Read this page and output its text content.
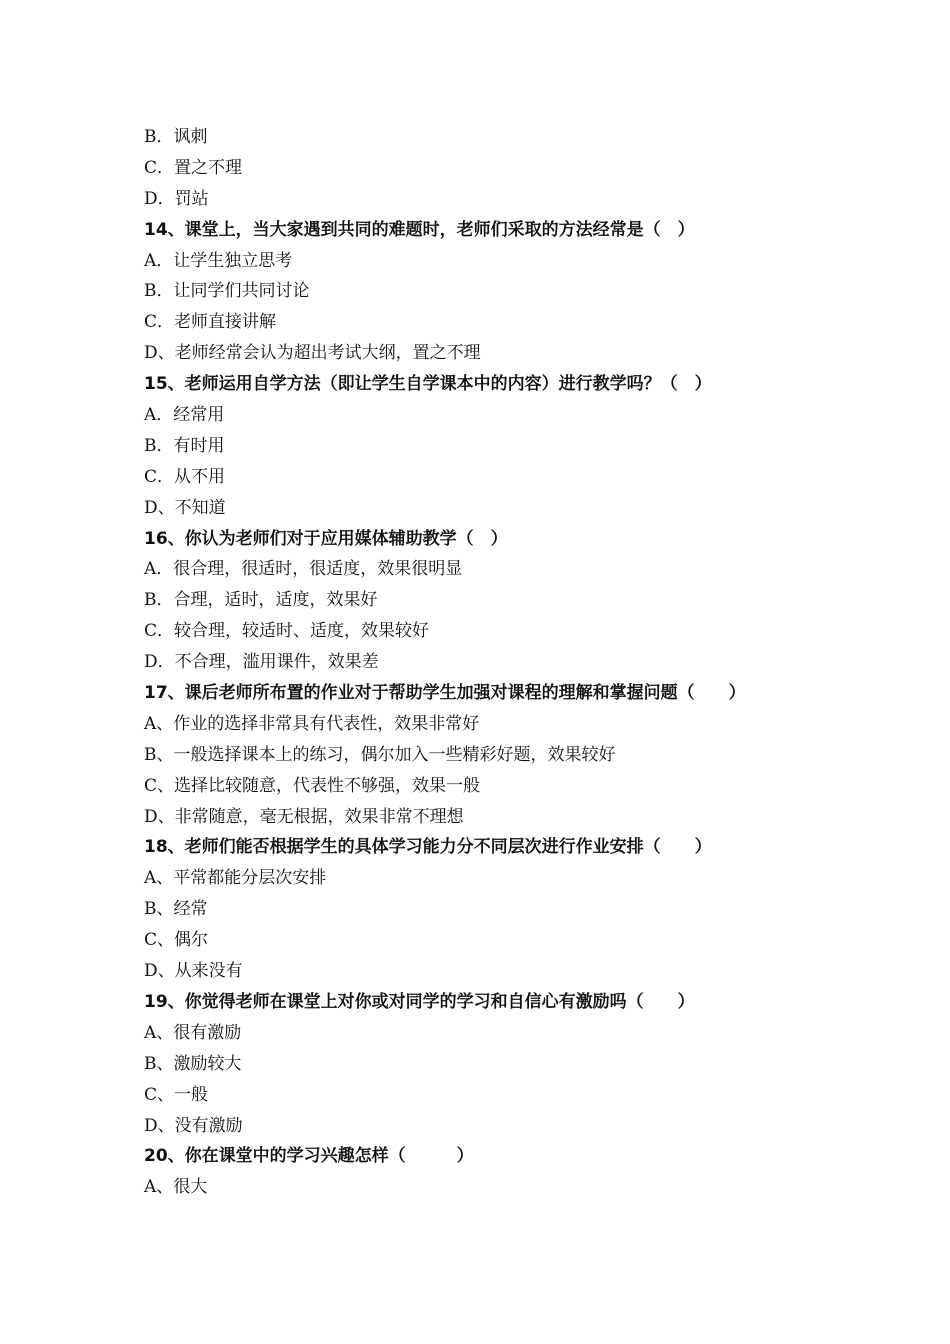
B．讽刺
C．置之不理
D．罚站
14、课堂上，当大家遇到共同的难题时，老师们采取的方法经常是（　）
A．让学生独立思考
B．让同学们共同讨论
C．老师直接讲解
D、老师经常会认为超出考试大纲，置之不理
15、老师运用自学方法（即让学生自学课本中的内容）进行教学吗？（　）
A．经常用
B．有时用
C．从不用
D、不知道
16、你认为老师们对于应用媒体辅助教学（　）
A．很合理，很适时，很适度，效果很明显
B．合理，适时，适度，效果好
C．较合理，较适时、适度，效果较好
D．不合理，滥用课件，效果差
17、课后老师所布置的作业对于帮助学生加强对课程的理解和掌握问题（　　）
A、作业的选择非常具有代表性，效果非常好
B、一般选择课本上的练习，偶尔加入一些精彩好题，效果较好
C、选择比较随意，代表性不够强，效果一般
D、非常随意，毫无根据，效果非常不理想
18、老师们能否根据学生的具体学习能力分不同层次进行作业安排（　　）
A、平常都能分层次安排
B、经常
C、偶尔
D、从来没有
19、你觉得老师在课堂上对你或对同学的学习和自信心有激励吗（　　）
A、很有激励
B、激励较大
C、一般
D、没有激励
20、你在课堂中的学习兴趣怎样（　　　）
A、很大
